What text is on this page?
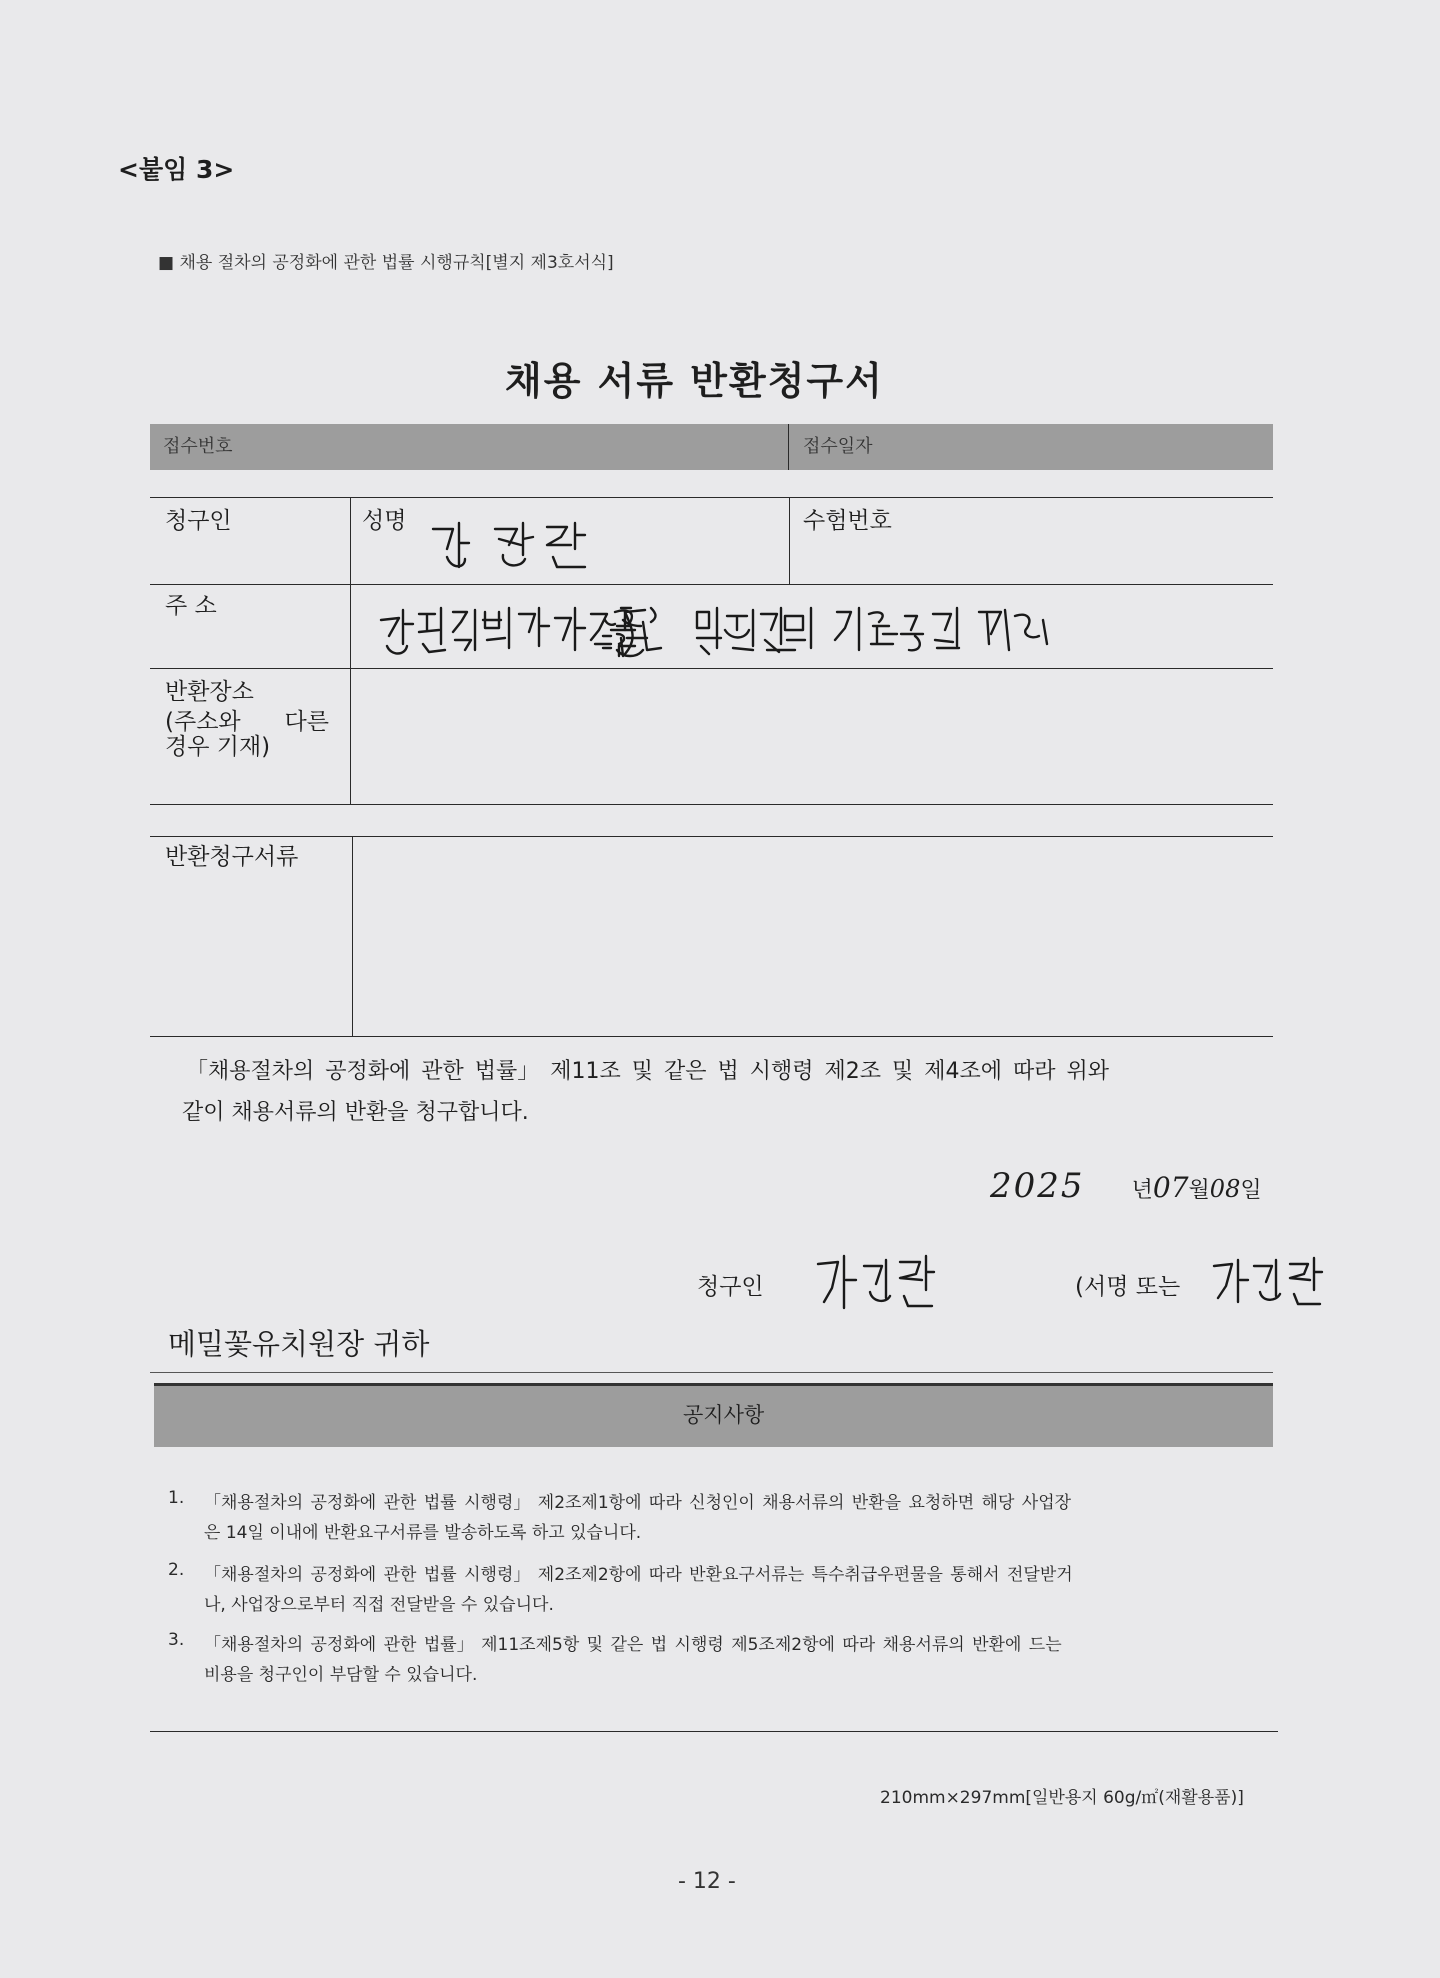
<붙임 3>
■ 채용 절차의 공정화에 관한 법률 시행규칙[별지 제3호서식]
채용 서류 반환청구서
접수번호	접수일자
청구인	성명	수험번호
주 소
반환장소
(주소와      다른
경우 기재)
반환청구서류
「채용절차의 공정화에 관한 법률」 제11조 및 같은 법 시행령 제2조 및 제4조에 따라 위와
같이 채용서류의 반환을 청구합니다.
2025 년07월08일
청구인	(서명 또는
메밀꽃유치원장 귀하
공지사항
1. 「채용절차의 공정화에 관한 법률 시행령」 제2조제1항에 따라 신청인이 채용서류의 반환을 요청하면 해당 사업장

은 14일 이내에 반환요구서류를 발송하도록 하고 있습니다.

2. 「채용절차의 공정화에 관한 법률 시행령」 제2조제2항에 따라 반환요구서류는 특수취급우편물을 통해서 전달받거

나, 사업장으로부터 직접 전달받을 수 있습니다.

3. 「채용절차의 공정화에 관한 법률」 제11조제5항 및 같은 법 시행령 제5조제2항에 따라 채용서류의 반환에 드는

비용을 청구인이 부담할 수 있습니다.

210mm×297mm[일반용지 60g/㎡(재활용품)]
- 12 -
